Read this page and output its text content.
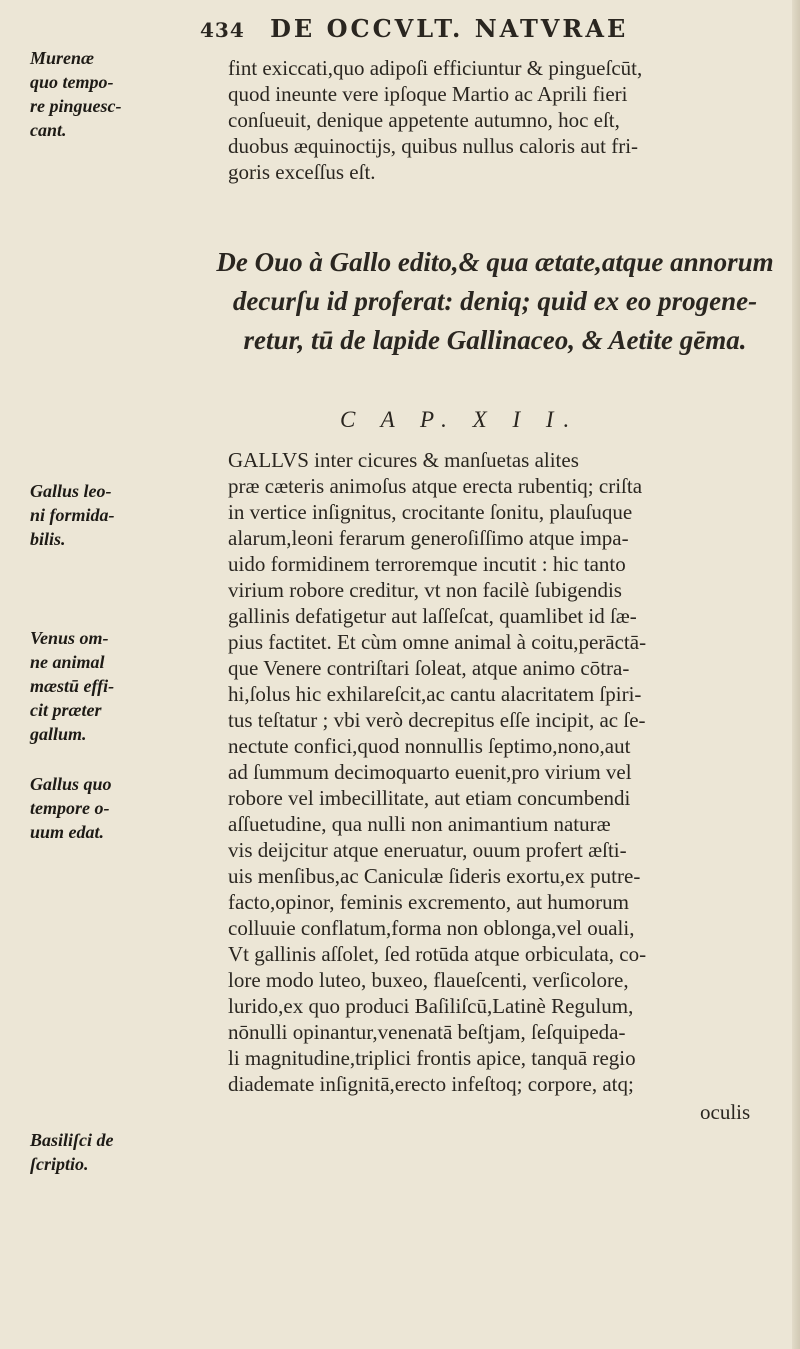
434 DE OCCVLT. NATVRAE
Murenæ
quo tempo-
re pinguesc-
cant.
Gallus leo-
ni formida-
bilis.
Venus om-
ne animal
mæstū effi-
cit præter
gallum.
Gallus quo
tempore o-
uum edat.
Basiliſci de
ſcriptio.
fint exiccati,quo adipoſi efficiuntur & pingueſcūt,
quod ineunte vere ipſoque Martio ac Aprili fieri
conſueuit, denique appetente autumno, hoc eſt,
duobus æquinoctijs, quibus nullus caloris aut fri-
goris exceſſus eſt.
De Ouo à Gallo edito,& qua ætate,atque annorum
decurſu id proferat: deniq; quid ex eo progene-
retur, tū de lapide Gallinaceo, & Aetite gēma.
C A P. X I I.
GALLVS inter cicures & manſuetas alites
præ cæteris animoſus atque erecta rubentiq; criſta
in vertice inſignitus, crocitante ſonitu, plauſuque
alarum,leoni ferarum generoſiſſimo atque impa-
uido formidinem terroremque incutit : hic tanto
virium robore creditur, vt non facilè ſubigendis
gallinis defatigetur aut laſſeſcat, quamlibet id ſæ-
pius factitet. Et cùm omne animal à coitu,perāctā-
que Venere contriſtari ſoleat, atque animo cōtra-
hi,ſolus hic exhilareſcit,ac cantu alacritatem ſpiri-
tus teſtatur ; vbi verò decrepitus eſſe incipit, ac ſe-
nectute confici,quod nonnullis ſeptimo,nono,aut
ad ſummum decimoquarto euenit,pro virium vel
robore vel imbecillitate, aut etiam concumbendi
aſſuetudine, qua nulli non animantium naturæ
vis deijcitur atque eneruatur, ouum profert æſti-
uis menſibus,ac Caniculæ ſideris exortu,ex putre-
facto,opinor, feminis excremento, aut humorum
colluuie conflatum,forma non oblonga,vel ouali,
Vt gallinis aſſolet, ſed rotūda atque orbiculata, co-
lore modo luteo, buxeo, flaueſcenti, verſicolore,
lurido,ex quo produci Baſiliſcū,Latinè Regulum,
nōnulli opinantur,venenatā beſtjam, ſeſquipeda-
li magnitudine,triplici frontis apice, tanquā regio
diademate inſignitā,erecto infeſtoq; corpore, atq;
oculis
